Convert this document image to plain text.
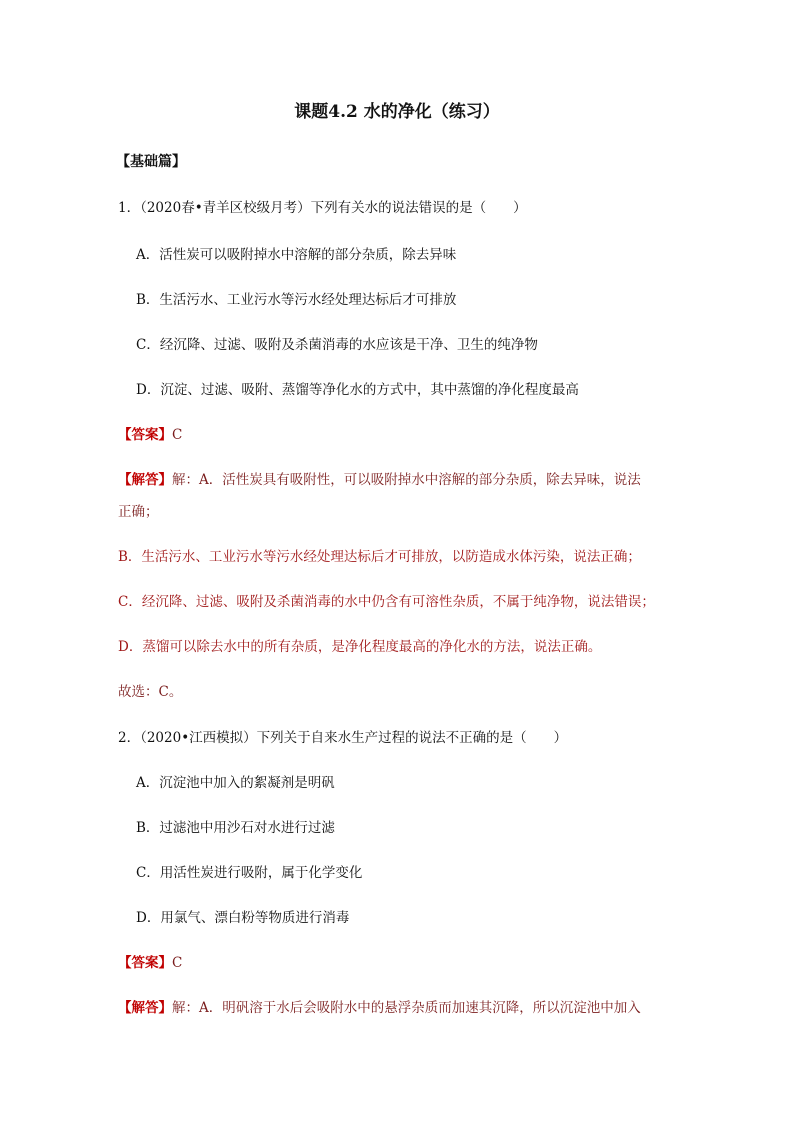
课题4.2 水的净化（练习）
【基础篇】
1．（2020春•青羊区校级月考）下列有关水的说法错误的是（　　）
A．活性炭可以吸附掉水中溶解的部分杂质，除去异味
B．生活污水、工业污水等污水经处理达标后才可排放
C．经沉降、过滤、吸附及杀菌消毒的水应该是干净、卫生的纯净物
D．沉淀、过滤、吸附、蒸馏等净化水的方式中，其中蒸馏的净化程度最高
【答案】C
【解答】解：A．活性炭具有吸附性，可以吸附掉水中溶解的部分杂质，除去异味，说法
正确；
B．生活污水、工业污水等污水经处理达标后才可排放，以防造成水体污染，说法正确；
C．经沉降、过滤、吸附及杀菌消毒的水中仍含有可溶性杂质，不属于纯净物，说法错误；
D．蒸馏可以除去水中的所有杂质，是净化程度最高的净化水的方法，说法正确。
故选：C。
2．（2020•江西模拟）下列关于自来水生产过程的说法不正确的是（　　）
A．沉淀池中加入的絮凝剂是明矾
B．过滤池中用沙石对水进行过滤
C．用活性炭进行吸附，属于化学变化
D．用氯气、漂白粉等物质进行消毒
【答案】C
【解答】解：A．明矾溶于水后会吸附水中的悬浮杂质而加速其沉降，所以沉淀池中加入
